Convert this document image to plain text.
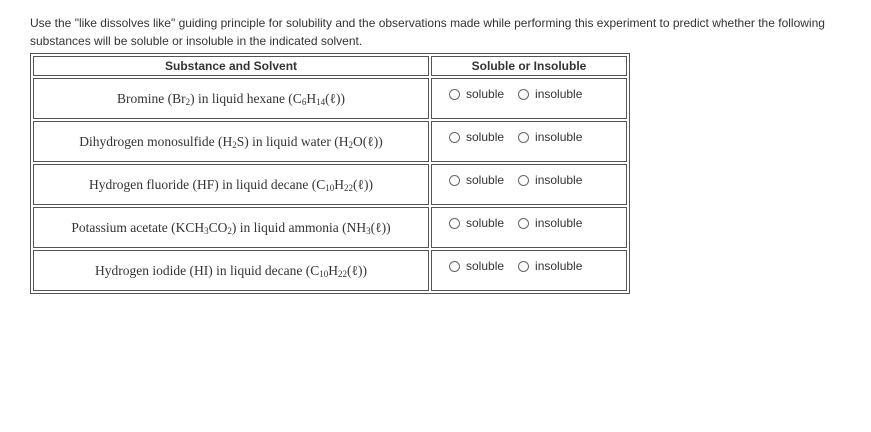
Use the "like dissolves like" guiding principle for solubility and the observations made while performing this experiment to predict whether the following substances will be soluble or insoluble in the indicated solvent.
Substance and Solvent	Soluble or Insoluble
Bromine $(Br_2)$ in liquid hexane $(C_6H_{14}(\ell))$	soluble insoluble

Dihydrogen monosulfide $(H_2S)$ in liquid water $(H_2O(\ell))$	soluble insoluble

Hydrogen fluoride (HF) in liquid decane $(C_{10}H_{22}(\ell))$	soluble insoluble

Potassium acetate $(KCH_3CO_2)$ in liquid ammonia $(NH_3(\ell))$	soluble insoluble

Hydrogen iodide (HI) in liquid decane $(C_{10}H_{22}(\ell))$	soluble insoluble
